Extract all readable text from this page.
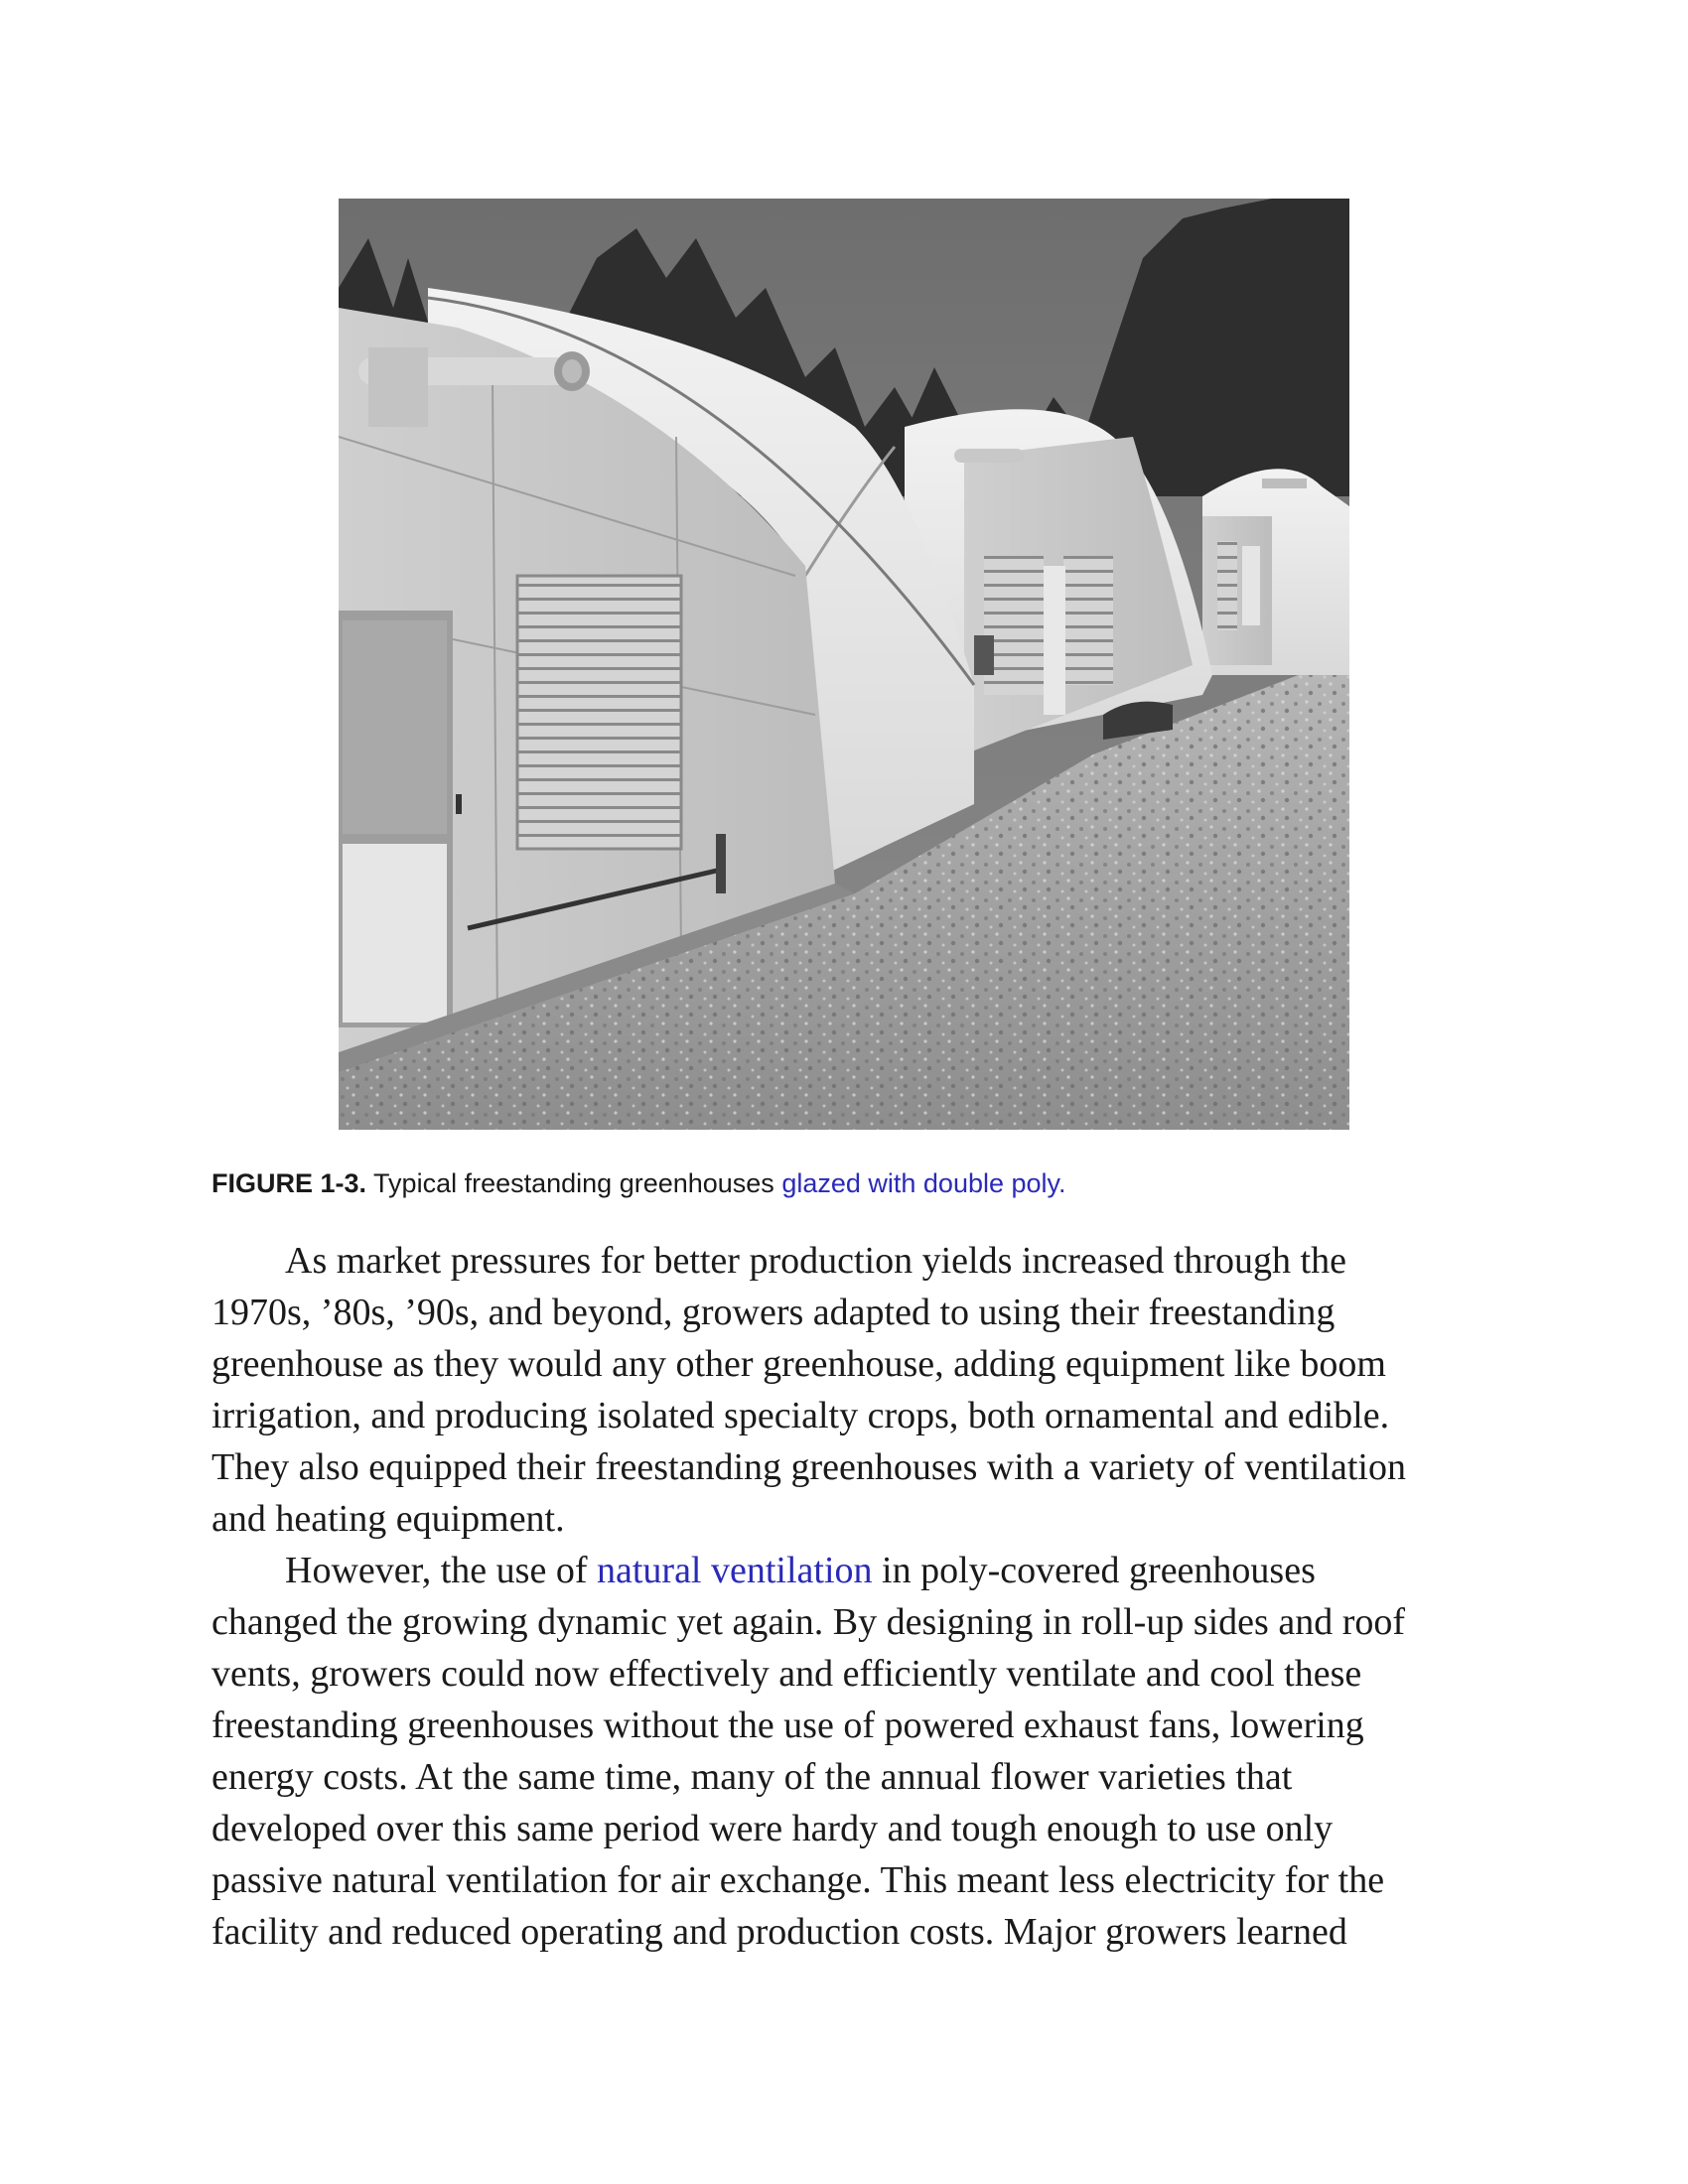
FIGURE 1-3. Typical freestanding greenhouses glazed with double poly.
As market pressures for better production yields increased through the
1970s, ’80s, ’90s, and beyond, growers adapted to using their freestanding
greenhouse as they would any other greenhouse, adding equipment like boom
irrigation, and producing isolated specialty crops, both ornamental and edible.
They also equipped their freestanding greenhouses with a variety of ventilation
and heating equipment.
However, the use of natural ventilation in poly-covered greenhouses
changed the growing dynamic yet again. By designing in roll-up sides and roof
vents, growers could now effectively and efficiently ventilate and cool these
freestanding greenhouses without the use of powered exhaust fans, lowering
energy costs. At the same time, many of the annual flower varieties that
developed over this same period were hardy and tough enough to use only
passive natural ventilation for air exchange. This meant less electricity for the
facility and reduced operating and production costs. Major growers learned
